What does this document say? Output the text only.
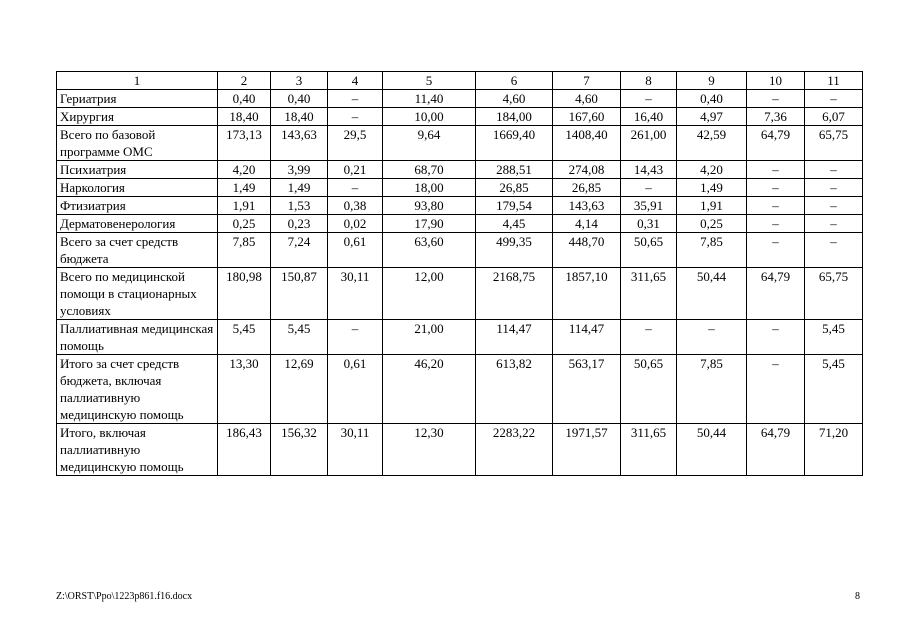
1	2	3	4	5	6	7	8	9	10	11
Гериатрия	0,40	0,40	–	11,40	4,60	4,60	–	0,40	–	–
Хирургия	18,40	18,40	–	10,00	184,00	167,60	16,40	4,97	7,36	6,07
Всего по базовой программе ОМС	173,13	143,63	29,5	9,64	1669,40	1408,40	261,00	42,59	64,79	65,75
Психиатрия	4,20	3,99	0,21	68,70	288,51	274,08	14,43	4,20	–	–
Наркология	1,49	1,49	–	18,00	26,85	26,85	–	1,49	–	–
Фтизиатрия	1,91	1,53	0,38	93,80	179,54	143,63	35,91	1,91	–	–
Дерматовенерология	0,25	0,23	0,02	17,90	4,45	4,14	0,31	0,25	–	–
Всего за счет средств бюджета	7,85	7,24	0,61	63,60	499,35	448,70	50,65	7,85	–	–
Всего по медицинской помощи в стационарных условиях	180,98	150,87	30,11	12,00	2168,75	1857,10	311,65	50,44	64,79	65,75
Паллиативная медицинская помощь	5,45	5,45	–	21,00	114,47	114,47	–	–	–	5,45
Итого за счет средств бюджета, включая паллиативную медицинскую помощь	13,30	12,69	0,61	46,20	613,82	563,17	50,65	7,85	–	5,45
Итого, включая паллиативную медицинскую помощь	186,43	156,32	30,11	12,30	2283,22	1971,57	311,65	50,44	64,79	71,20
Z:\ORST\Ppo\1223p861.f16.docx	8
